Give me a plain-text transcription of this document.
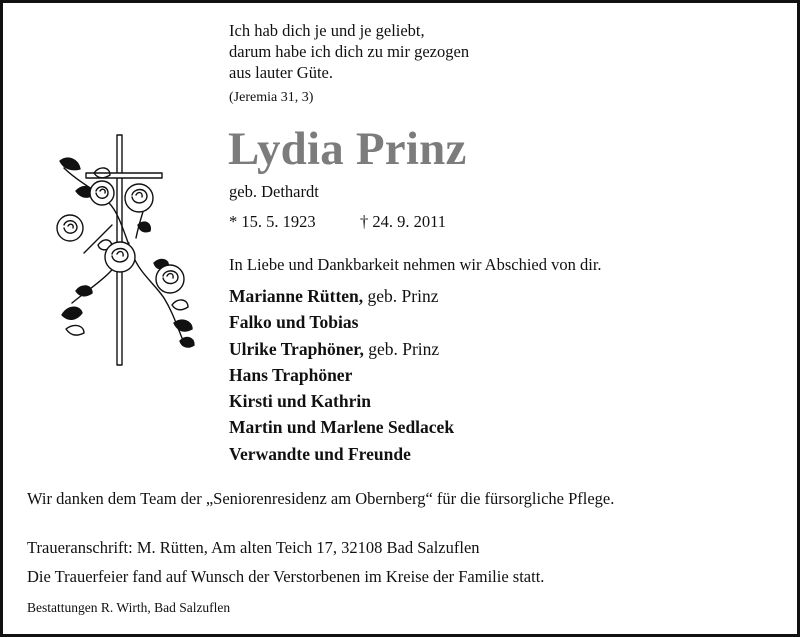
Ich hab dich je und je geliebt,
darum habe ich dich zu mir gezogen
aus lauter Güte.
(Jeremia 31, 3)
Lydia Prinz
geb. Dethardt
* 15. 5. 1923	† 24. 9. 2011
In Liebe und Dankbarkeit nehmen wir Abschied von dir.
Marianne Rütten, geb. Prinz
Falko und Tobias
Ulrike Traphöner, geb. Prinz
Hans Traphöner
Kirsti und Kathrin
Martin und Marlene Sedlacek
Verwandte und Freunde
Wir danken dem Team der „Seniorenresidenz am Obernberg“ für die fürsorgliche Pflege.
Traueranschrift: M. Rütten, Am alten Teich 17, 32108 Bad Salzuflen
Die Trauerfeier fand auf Wunsch der Verstorbenen im Kreise der Familie statt.
Bestattungen R. Wirth, Bad Salzuflen
